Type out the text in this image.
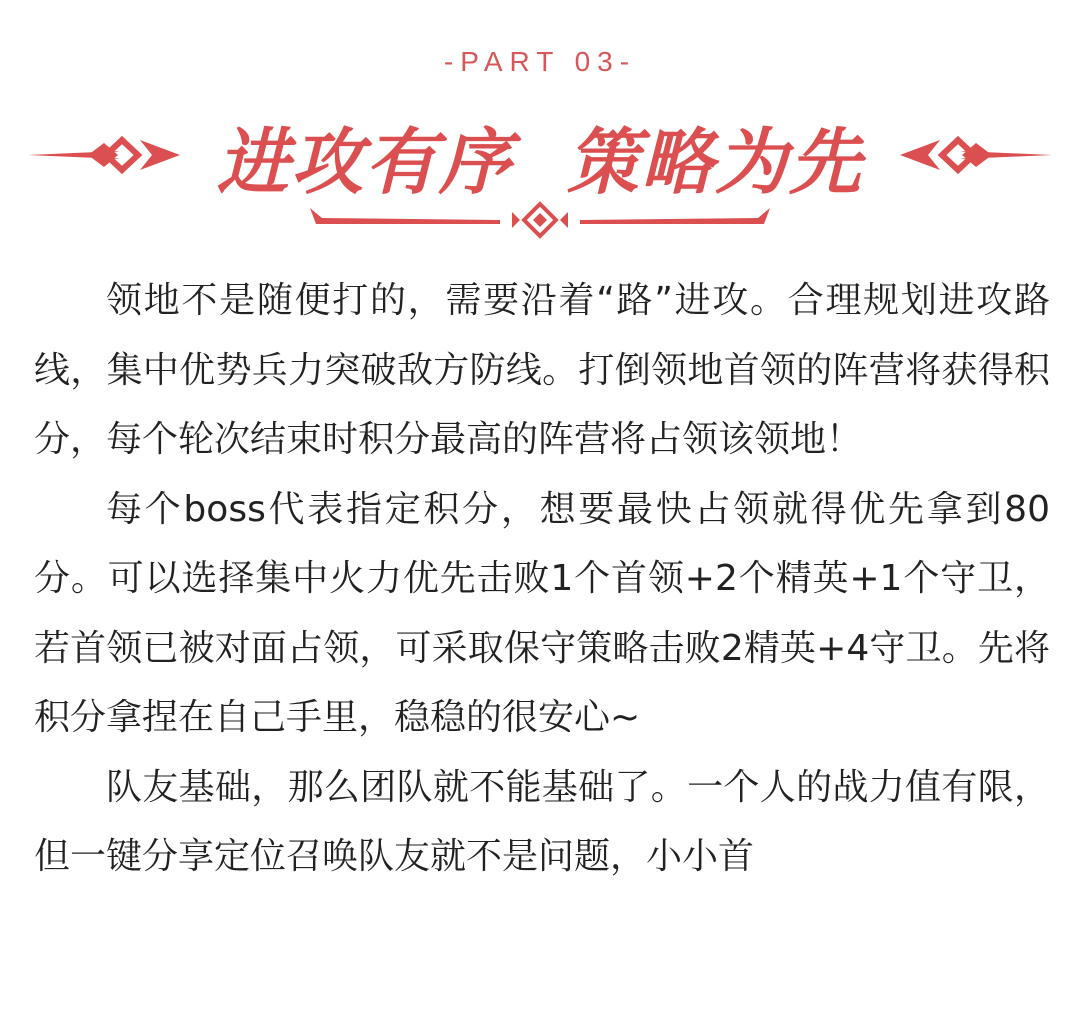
-PART 03-
进攻有序  策略为先

领地不是随便打的，需要沿着“路”进攻。合理规划进攻路线，集中优势兵力突破敌方防线。打倒领地首领的阵营将获得积分，每个轮次结束时积分最高的阵营将占领该领地！

每个boss代表指定积分，想要最快占领就得优先拿到80分。可以选择集中火力优先击败1个首领+2个精英+1个守卫，若首领已被对面占领，可采取保守策略击败2精英+4守卫。先将积分拿捏在自己手里，稳稳的很安心~

队友基础，那么团队就不能基础了。一个人的战力值有限，但一键分享定位召唤队友就不是问题，小小首
